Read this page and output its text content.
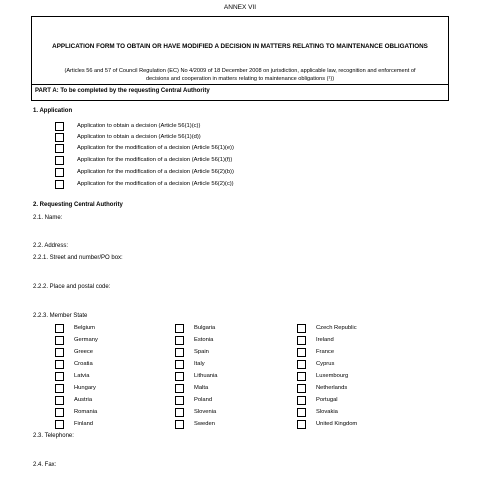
ANNEX VII
APPLICATION FORM TO OBTAIN OR HAVE MODIFIED A DECISION IN MATTERS RELATING TO MAINTENANCE OBLIGATIONS
(Articles 56 and 57 of Council Regulation (EC) No 4/2009 of 18 December 2008 on jurisdiction, applicable law, recognition and enforcement of
decisions and cooperation in matters relating to maintenance obligations (¹))
PART A: To be completed by the requesting Central Authority
1. Application
Application to obtain a decision (Article 56(1)(c))
Application to obtain a decision (Article 56(1)(d))
Application for the modification of a decision (Article 56(1)(e))
Application for the modification of a decision (Article 56(1)(f))
Application for the modification of a decision (Article 56(2)(b))
Application for the modification of a decision (Article 56(2)(c))
2. Requesting Central Authority
2.1. Name:
2.2. Address:
2.2.1. Street and number/PO box:
2.2.2. Place and postal code:
2.2.3. Member State
Belgium
Germany
Greece
Croatia
Latvia
Hungary
Austria
Romania
Finland
Bulgaria
Estonia
Spain
Italy
Lithuania
Malta
Poland
Slovenia
Sweden
Czech Republic
Ireland
France
Cyprus
Luxembourg
Netherlands
Portugal
Slovakia
United Kingdom
2.3. Telephone:
2.4. Fax:
